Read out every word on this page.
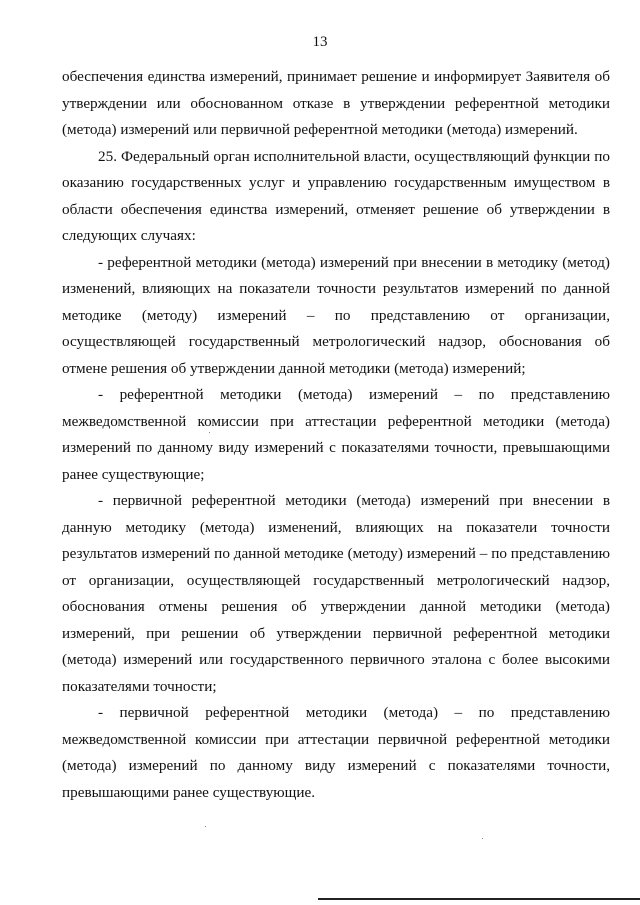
13

обеспечения единства измерений, принимает решение и информирует Заявителя об утверждении или обоснованном отказе в утверждении референтной методики (метода) измерений или первичной референтной методики (метода) измерений.

25. Федеральный орган исполнительной власти, осуществляющий функции по оказанию государственных услуг и управлению государственным имуществом в области обеспечения единства измерений, отменяет решение об утверждении в следующих случаях:

- референтной методики (метода) измерений при внесении в методику (метод) изменений, влияющих на показатели точности результатов измерений по данной методике (методу) измерений – по представлению от организации, осуществляющей государственный метрологический надзор, обоснования об отмене решения об утверждении данной методики (метода) измерений;

- референтной методики (метода) измерений – по представлению межведомственной комиссии при аттестации референтной методики (метода) измерений по данному виду измерений с показателями точности, превышающими ранее существующие;

- первичной референтной методики (метода) измерений при внесении в данную методику (метода) изменений, влияющих на показатели точности результатов измерений по данной методике (методу) измерений – по представлению от организации, осуществляющей государственный метрологический надзор, обоснования отмены решения об утверждении данной методики (метода) измерений, при решении об утверждении первичной референтной методики (метода) измерений или государственного первичного эталона с более высокими показателями точности;

- первичной референтной методики (метода) – по представлению межведомственной комиссии при аттестации первичной референтной методики (метода) измерений по данному виду измерений с показателями точности, превышающими ранее существующие.
